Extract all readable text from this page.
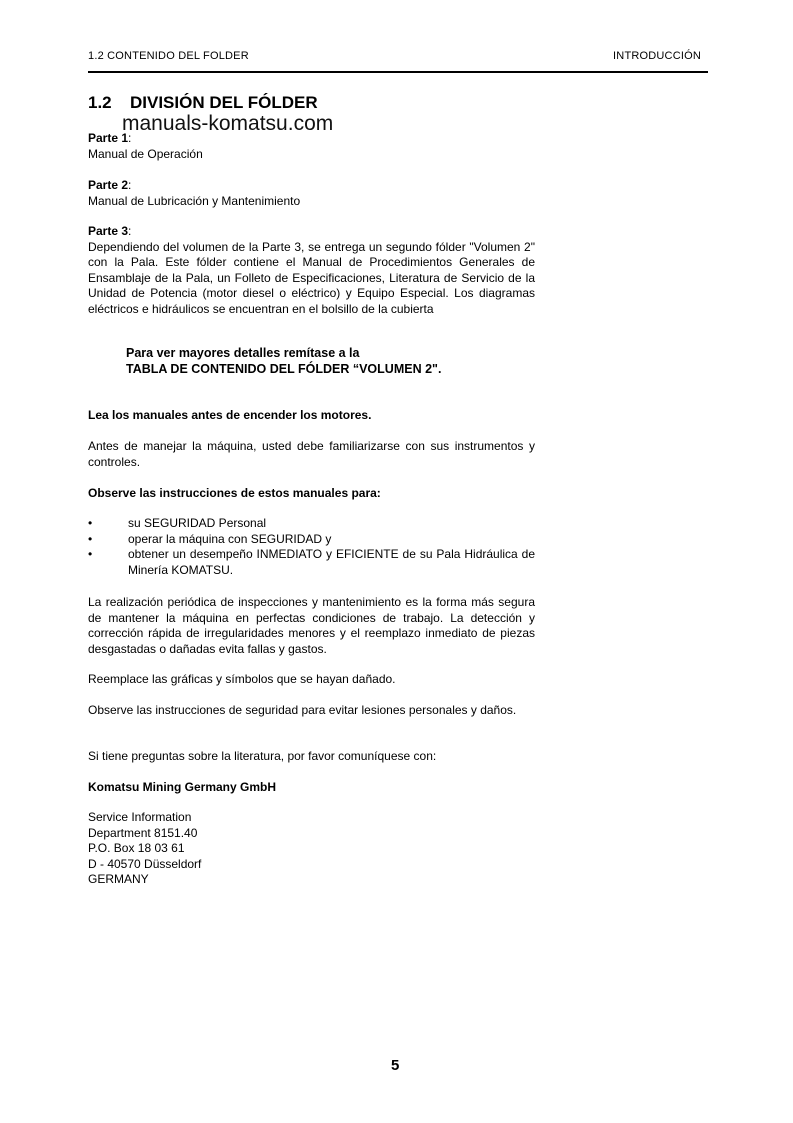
1.2 CONTENIDO DEL FOLDER	INTRODUCCIÓN
1.2 DIVISIÓN DEL FÓLDER
manuals-komatsu.com
Parte 1:
Manual de Operación
Parte 2:
Manual de Lubricación y Mantenimiento
Parte 3:
Dependiendo del volumen de la Parte 3, se entrega un segundo fólder "Volumen 2" con la Pala. Este fólder contiene el Manual de Procedimientos Generales de Ensamblaje de la Pala, un Folleto de Especificaciones, Literatura de Servicio de la Unidad de Potencia (motor diesel o eléctrico) y Equipo Especial. Los diagramas eléctricos e hidráulicos se encuentran en el bolsillo de la cubierta
Para ver mayores detalles remítase a la
TABLA DE CONTENIDO DEL FÓLDER “VOLUMEN 2".
Lea los manuales antes de encender los motores.
Antes de manejar la máquina, usted debe familiarizarse con sus instrumentos y controles.
Observe las instrucciones de estos manuales para:
•	su SEGURIDAD Personal
•	operar la máquina con SEGURIDAD y
•	obtener un desempeño INMEDIATO y EFICIENTE de su Pala Hidráulica de Minería KOMATSU.
La realización periódica de inspecciones y mantenimiento es la forma más segura de mantener la máquina en perfectas condiciones de trabajo. La detección y corrección rápida de irregularidades menores y el reemplazo inmediato de piezas desgastadas o dañadas evita fallas y gastos.
Reemplace las gráficas y símbolos que se hayan dañado.
Observe las instrucciones de seguridad para evitar lesiones personales y daños.
Si tiene preguntas sobre la literatura, por favor comuníquese con:
Komatsu Mining Germany GmbH
Service Information
Department 8151.40
P.O. Box 18 03 61
D - 40570 Düsseldorf
GERMANY
5
